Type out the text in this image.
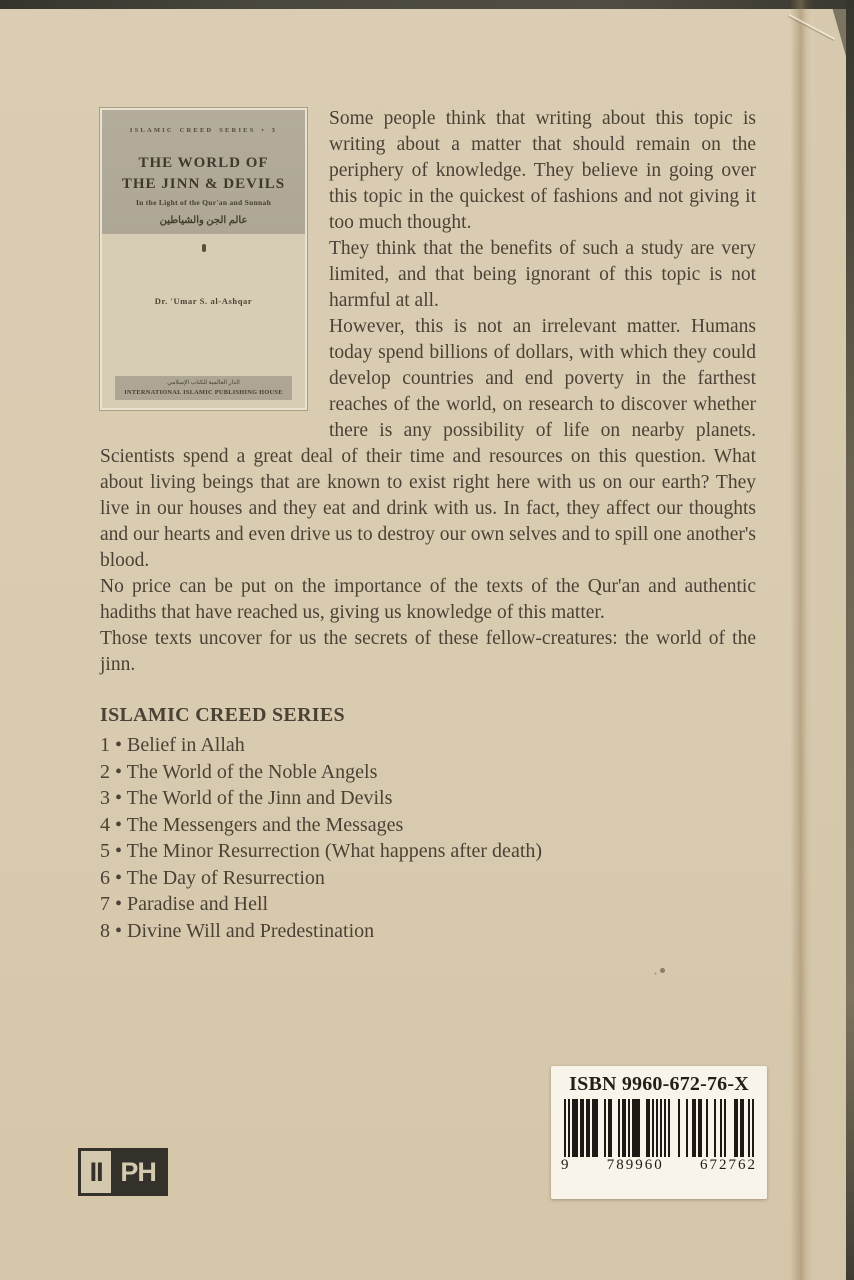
ISLAMIC CREED SERIES • 3
THE WORLD OF
THE JINN & DEVILS
In the Light of the Qur'an and Sunnah
عالم الجن والشياطين
Dr. 'Umar S. al-Ashqar
الدار العالمية للكتاب الإسلامي
INTERNATIONAL ISLAMIC PUBLISHING HOUSE

Some people think that writing about this topic is writing about a matter that should remain on the periphery of knowledge. They believe in going over this topic in the quickest of fashions and not giving it too much thought.

They think that the benefits of such a study are very limited, and that being ignorant of this topic is not harmful at all.

However, this is not an irrelevant matter. Humans today spend billions of dollars, with which they could develop countries and end poverty in the farthest reaches of the world, on research to discover whether there is any possibility of life on nearby planets. Scientists spend a great deal of their time and resources on this question. What about living beings that are known to exist right here with us on our earth? They live in our houses and they eat and drink with us. In fact, they affect our thoughts and our hearts and even drive us to destroy our own selves and to spill one another's blood.

No price can be put on the importance of the texts of the Qur'an and authentic hadiths that have reached us, giving us knowledge of this matter.

Those texts uncover for us the secrets of these fellow-creatures: the world of the jinn.

ISLAMIC CREED SERIES
1 • Belief in Allah
2 • The World of the Noble Angels
3 • The World of the Jinn and Devils
4 • The Messengers and the Messages
5 • The Minor Resurrection (What happens after death)
6 • The Day of Resurrection
7 • Paradise and Hell
8 • Divine Will and Predestination
ISBN 9960-672-76-X
9 789960 672762
II PH
